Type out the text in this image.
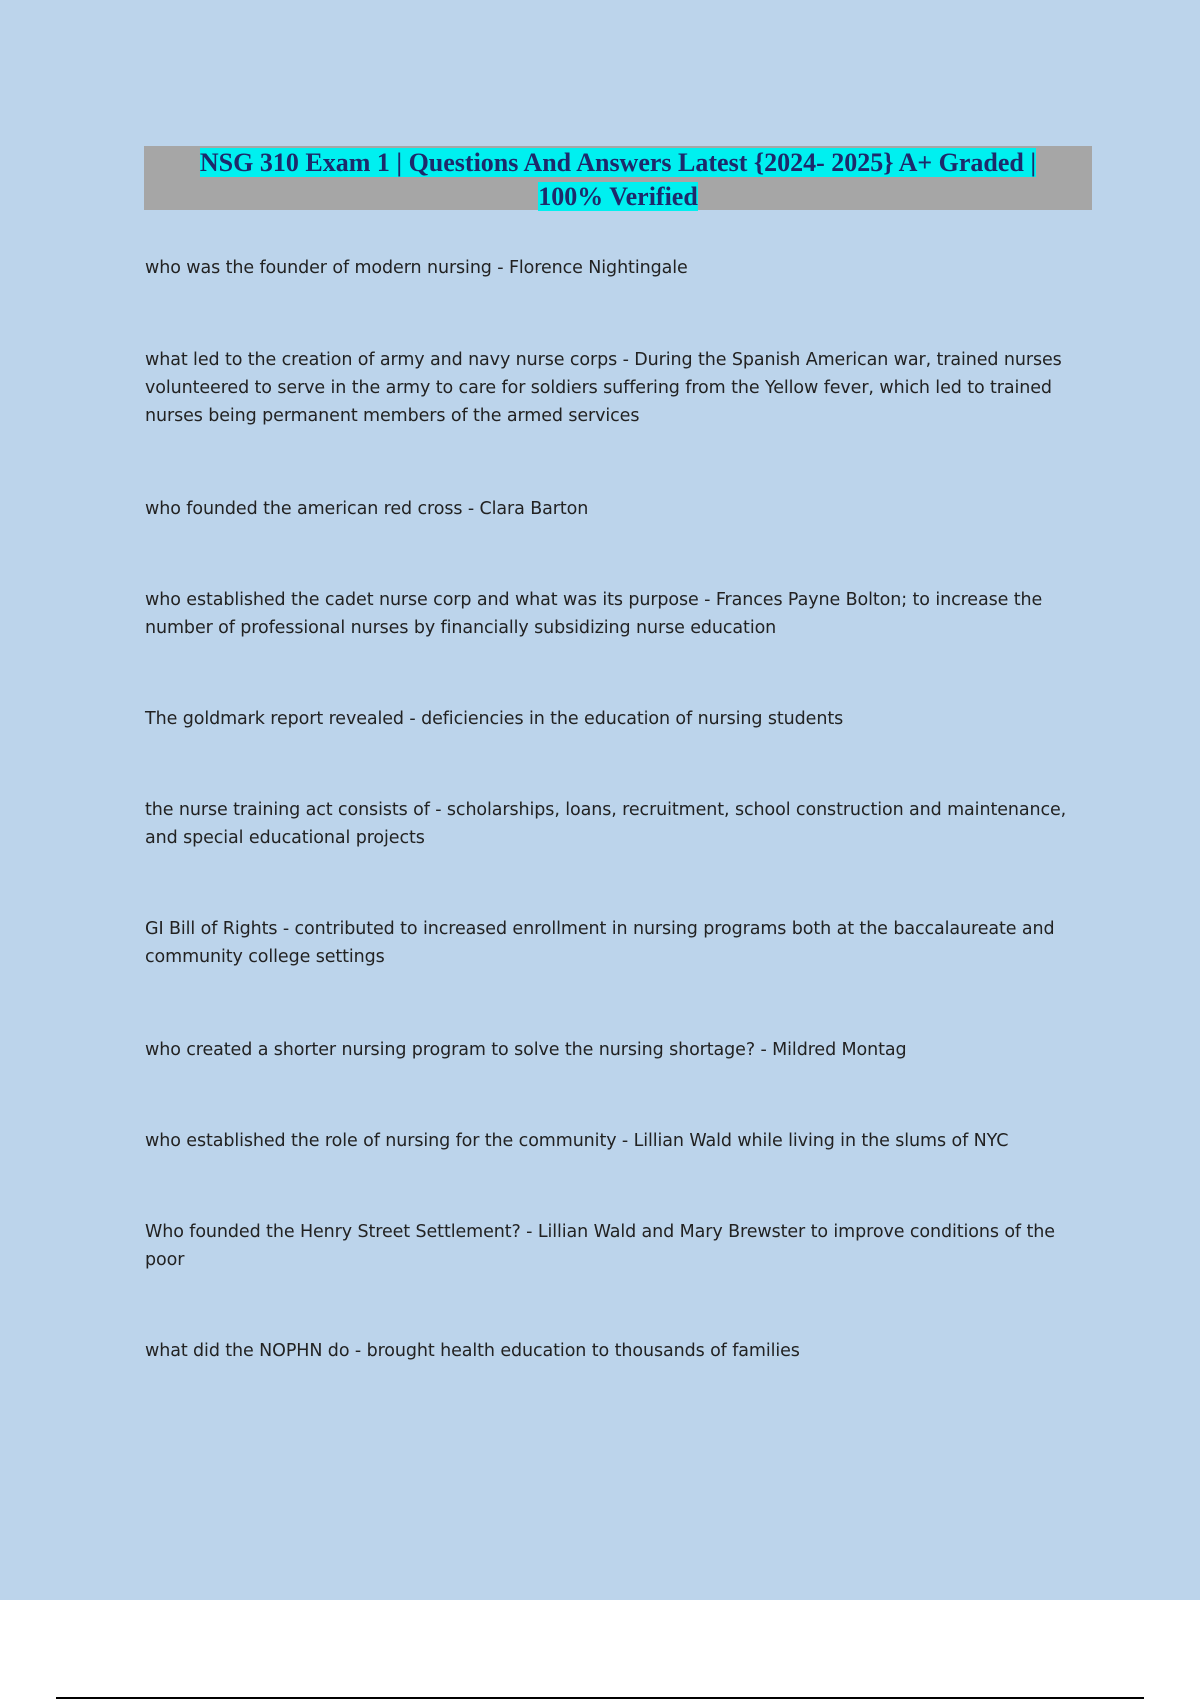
NSG 310 Exam 1 | Questions And Answers Latest {2024- 2025} A+ Graded |
100% Verified
who was the founder of modern nursing - Florence Nightingale
what led to the creation of army and navy nurse corps - During the Spanish American war, trained nurses volunteered to serve in the army to care for soldiers suffering from the Yellow fever, which led to trained nurses being permanent members of the armed services
who founded the american red cross - Clara Barton
who established the cadet nurse corp and what was its purpose - Frances Payne Bolton; to increase the number of professional nurses by financially subsidizing nurse education
The goldmark report revealed - deficiencies in the education of nursing students
the nurse training act consists of - scholarships, loans, recruitment, school construction and maintenance, and special educational projects
GI Bill of Rights - contributed to increased enrollment in nursing programs both at the baccalaureate and community college settings
who created a shorter nursing program to solve the nursing shortage? - Mildred Montag
who established the role of nursing for the community - Lillian Wald while living in the slums of NYC
Who founded the Henry Street Settlement? - Lillian Wald and Mary Brewster to improve conditions of the poor
what did the NOPHN do - brought health education to thousands of families
